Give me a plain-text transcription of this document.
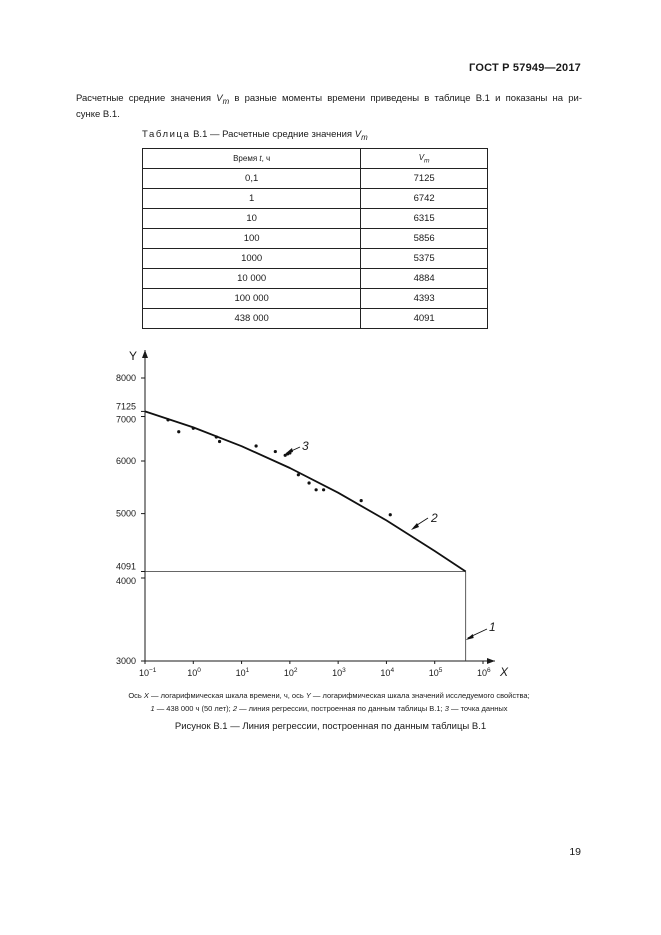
ГОСТ Р 57949—2017
Расчетные средние значения $V_m$ в разные моменты времени приведены в таблице В.1 и показаны на ри-
сунке В.1.
Таблица В.1 — Расчетные средние значения $V_m$
Время t, ч	$V_m$
0,1	7125
1	6742
10	6315
100	5856
1000	5375
10 000	4884
100 000	4393
438 000	4091
Y
X
8000
7125
7000
6000
5000
4091
4000
3000
$10^{-1}$	$10^0$	$10^1$	$10^2$	$10^3$	$10^4$	$10^5$	$10^6$
1
2
3
Ось X — логарифмическая шкала времени, ч, ось Y — логарифмическая шкала значений исследуемого свойства;
1 — 438 000 ч (50 лет); 2 — линия регрессии, построенная по данным таблицы В.1; 3 — точка данных
Рисунок В.1 — Линия регрессии, построенная по данным таблицы В.1
19
